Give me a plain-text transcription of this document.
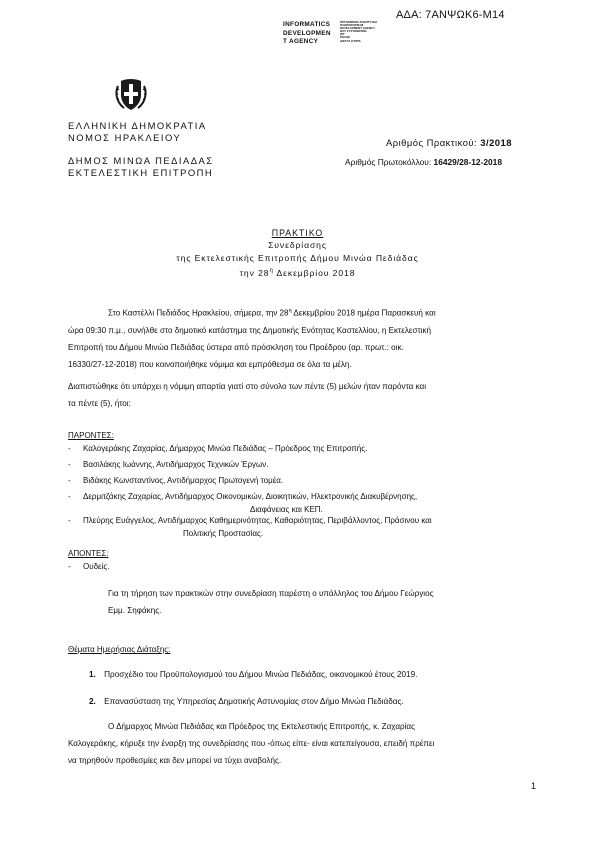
ΑΔΑ: 7ΑΝΨΩΚ6-Μ14
INFORMATICS
DEVELOPMEN
T AGENCY
ΟΡΓΑΝΙΣΜΟΣ ΑΝΑΠΤΥΞΗΣ
ΠΛΗΡΟΦΟΡΙΚΗΣ
DEVELOPMENT AGENCY
ΩΑΥ ΣΥΣΤΗΜΑΤΩΝ
ΙΚΤ
PHASE
ΔΙΚΤΥΑ ΚΤΙΡΙΑ
ΕΛΛΗΝΙΚΗ ΔΗΜΟΚΡΑΤΙΑ
ΝΟΜΟΣ ΗΡΑΚΛΕΙΟΥ
ΔΗΜΟΣ ΜΙΝΩΑ ΠΕΔΙΑΔΑΣ
ΕΚΤΕΛΕΣΤΙΚΗ ΕΠΙΤΡΟΠΗ
Αριθμός Πρακτικού: 3/2018
Αριθμός Πρωτοκόλλου: 16429/28-12-2018
ΠΡΑΚΤΙΚΟ
Συνεδρίασης
της Εκτελεστικής Επιτροπής Δήμου Μινώα Πεδιάδας
την $28^\eta$ Δεκεμβρίου 2018
Στο Καστέλλι Πεδιάδος Ηρακλείου, σήμερα, την $28^\eta$ Δεκεμβρίου 2018 ημέρα Παρασκευή και
ώρα 09:30 π.μ., συνήλθε στο δημοτικό κατάστημα της Δημοτικής Ενότητας Καστελλίου, η Εκτελεστική
Επιτροπή του Δήμου Μινώα Πεδιάδας ύστερα από πρόσκληση του Προέδρου (αρ. πρωτ.: οικ.
16330/27-12-2018) που κοινοποιήθηκε νόμιμα και εμπρόθεσμα σε όλα τα μέλη.
Διαπιστώθηκε ότι υπάρχει η νόμιμη απαρτία γιατί στο σύνολο των πέντε (5) μελών ήταν παρόντα και
τα πέντε (5), ήτοι:
ΠΑΡΟΝΤΕΣ:
- Καλογεράκης Ζαχαρίας, Δήμαρχος Μινώα Πεδιάδας – Πρόεδρος της Επιτροπής.
- Βασιλάκης Ιωάννης, Αντιδήμαρχος Τεχνικών Έργων.
- Βιδάκης Κωνσταντίνος, Αντιδήμαρχος Πρωτογενή τομέα.
- Δερμιτζάκης Ζαχαρίας, Αντιδήμαρχος Οικονομικών, Διοικητικών, Ηλεκτρονικής Διακυβέρνησης,
Διαφάνειας και ΚΕΠ.
- Πλεύρης Ευάγγελος, Αντιδήμαρχος Καθημερινότητας, Καθαριότητας, Περιβάλλοντος, Πράσινου και
Πολιτικής Προστασίας.
ΑΠΟΝΤΕΣ:
- Ουδείς.
Για τη τήρηση των πρακτικών στην συνεδρίαση παρέστη ο υπάλληλος του Δήμου Γεώργιος
Εμμ. Σηφάκης.
Θέματα Ημερήσιας Διάταξης:
1. Προσχέδιο του Προϋπολογισμού του Δήμου Μινώα Πεδιάδας, οικονομικού έτους 2019.
2. Επανασύσταση της Υπηρεσίας Δημοτικής Αστυνομίας στον Δήμο Μινώα Πεδιάδας.
Ο Δήμαρχος Μινώα Πεδιάδας και Πρόεδρος της Εκτελεστικής Επιτροπής, κ. Ζαχαρίας
Καλογεράκης, κήρυξε την έναρξη της συνεδρίασης που -όπως είπε- είναι κατεπείγουσα, επειδή πρέπει
να τηρηθούν προθεσμίες και δεν μπορεί να τύχει αναβολής.
1
